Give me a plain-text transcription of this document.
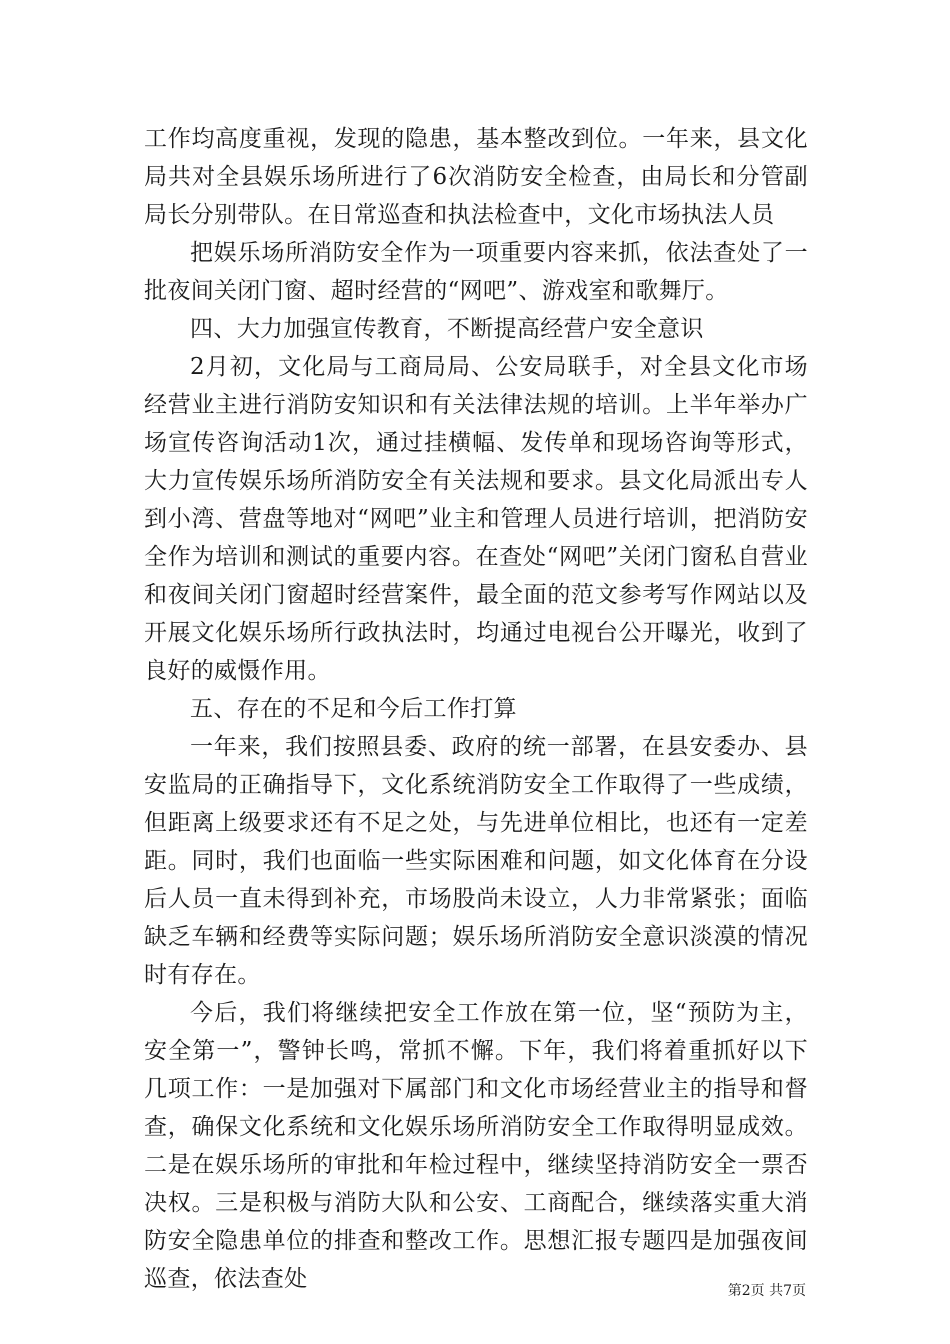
工作均高度重视，发现的隐患，基本整改到位。一年来，县文化局共对全县娱乐场所进行了6次消防安全检查，由局长和分管副局长分别带队。在日常巡查和执法检查中，文化市场执法人员

把娱乐场所消防安全作为一项重要内容来抓，依法查处了一批夜间关闭门窗、超时经营的“网吧”、游戏室和歌舞厅。

四、大力加强宣传教育，不断提高经营户安全意识

2月初，文化局与工商局局、公安局联手，对全县文化市场经营业主进行消防安知识和有关法律法规的培训。上半年举办广场宣传咨询活动1次，通过挂横幅、发传单和现场咨询等形式，大力宣传娱乐场所消防安全有关法规和要求。县文化局派出专人到小湾、营盘等地对“网吧”业主和管理人员进行培训，把消防安全作为培训和测试的重要内容。在查处“网吧”关闭门窗私自营业和夜间关闭门窗超时经营案件，最全面的范文参考写作网站以及开展文化娱乐场所行政执法时，均通过电视台公开曝光，收到了良好的威慑作用。

五、存在的不足和今后工作打算

一年来，我们按照县委、政府的统一部署，在县安委办、县安监局的正确指导下，文化系统消防安全工作取得了一些成绩，但距离上级要求还有不足之处，与先进单位相比，也还有一定差距。同时，我们也面临一些实际困难和问题，如文化体育在分设后人员一直未得到补充，市场股尚未设立，人力非常紧张；面临缺乏车辆和经费等实际问题；娱乐场所消防安全意识淡漠的情况时有存在。

今后，我们将继续把安全工作放在第一位，坚“预防为主，安全第一”，警钟长鸣，常抓不懈。下年，我们将着重抓好以下几项工作：一是加强对下属部门和文化市场经营业主的指导和督查，确保文化系统和文化娱乐场所消防安全工作取得明显成效。二是在娱乐场所的审批和年检过程中，继续坚持消防安全一票否决权。三是积极与消防大队和公安、工商配合，继续落实重大消防安全隐患单位的排查和整改工作。思想汇报专题四是加强夜间巡查，依法查处	第2页 共7页
